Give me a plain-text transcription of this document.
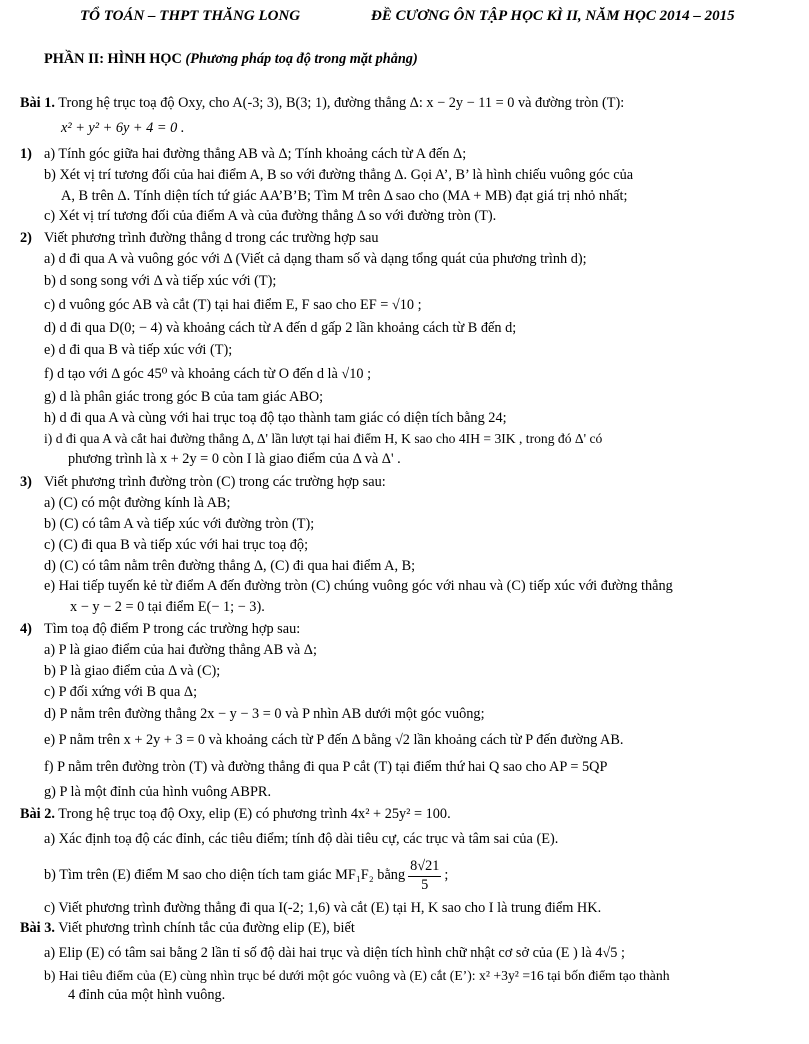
TỔ TOÁN – THPT THĂNG LONG	ĐỀ CƯƠNG ÔN TẬP HỌC KÌ II, NĂM HỌC 2014 – 2015
PHẦN II: HÌNH HỌC (Phương pháp toạ độ trong mặt phẳng)
Bài 1. Trong hệ trục toạ độ Oxy, cho A(-3; 3), B(3; 1), đường thẳng Δ: x − 2y − 11 = 0 và đường tròn (T):
x² + y² + 6y + 4 = 0 .
1) a) Tính góc giữa hai đường thẳng AB và Δ; Tính khoảng cách từ A đến Δ;
b) Xét vị trí tương đối của hai điểm A, B so với đường thẳng Δ. Gọi A’, B’ là hình chiếu vuông góc của
A, B trên Δ. Tính diện tích tứ giác AA’B’B; Tìm M trên Δ sao cho (MA + MB) đạt giá trị nhỏ nhất;
c) Xét vị trí tương đối của điểm A và của đường thẳng Δ so với đường tròn (T).
2) Viết phương trình đường thẳng d trong các trường hợp sau
a) d đi qua A và vuông góc với Δ (Viết cả dạng tham số và dạng tổng quát của phương trình d);
b) d song song với Δ và tiếp xúc với (T);
c) d vuông góc AB và cắt (T) tại hai điểm E, F sao cho EF = √10 ;
d) d đi qua D(0; − 4) và khoảng cách từ A đến d gấp 2 lần khoảng cách từ B đến d;
e) d đi qua B và tiếp xúc với (T);
f) d tạo với Δ góc 45⁰ và khoảng cách từ O đến d là √10 ;
g) d là phân giác trong góc B của tam giác ABO;
h) d đi qua A và cùng với hai trục toạ độ tạo thành tam giác có diện tích bằng 24;
i) d đi qua A và cắt hai đường thẳng Δ, Δ' lần lượt tại hai điểm H, K sao cho 4IH = 3IK , trong đó Δ' có
phương trình là x + 2y = 0 còn I là giao điểm của Δ và Δ' .
3) Viết phương trình đường tròn (C) trong các trường hợp sau:
a) (C) có một đường kính là AB;
b) (C) có tâm A và tiếp xúc với đường tròn (T);
c) (C) đi qua B và tiếp xúc với hai trục toạ độ;
d) (C) có tâm nằm trên đường thẳng Δ, (C) đi qua hai điểm A, B;
e) Hai tiếp tuyến kẻ từ điểm A đến đường tròn (C) chúng vuông góc với nhau và (C) tiếp xúc với đường thẳng
x − y − 2 = 0 tại điểm E(− 1; − 3).
4) Tìm toạ độ điểm P trong các trường hợp sau:
a) P là giao điểm của hai đường thẳng AB và Δ;
b) P là giao điểm của Δ và (C);
c) P đối xứng với B qua Δ;
d) P nằm trên đường thẳng 2x − y − 3 = 0 và P nhìn AB dưới một góc vuông;
e) P nằm trên x + 2y + 3 = 0 và khoảng cách từ P đến Δ bằng √2 lần khoảng cách từ P đến đường AB.
f) P nằm trên đường tròn (T) và đường thẳng đi qua P cắt (T) tại điểm thứ hai Q sao cho AP = 5QP
g) P là một đỉnh của hình vuông ABPR.
Bài 2. Trong hệ trục toạ độ Oxy, elip (E) có phương trình 4x² + 25y² = 100.
a) Xác định toạ độ các đỉnh, các tiêu điểm; tính độ dài tiêu cự, các trục và tâm sai của (E).
b) Tìm trên (E) điểm M sao cho diện tích tam giác MF₁F₂ bằng $\frac{8√21}{5}$ ;
c) Viết phương trình đường thẳng đi qua I(-2; 1,6) và cắt (E) tại H, K sao cho I là trung điểm HK.
Bài 3. Viết phương trình chính tắc của đường elip (E), biết
a) Elip (E) có tâm sai bằng 2 lần tỉ số độ dài hai trục và diện tích hình chữ nhật cơ sở của (E ) là 4√5 ;
b) Hai tiêu điểm của (E) cùng nhìn trục bé dưới một góc vuông và (E) cắt (E’): x² +3y² =16 tại bốn điểm tạo thành
4 đỉnh của một hình vuông.
